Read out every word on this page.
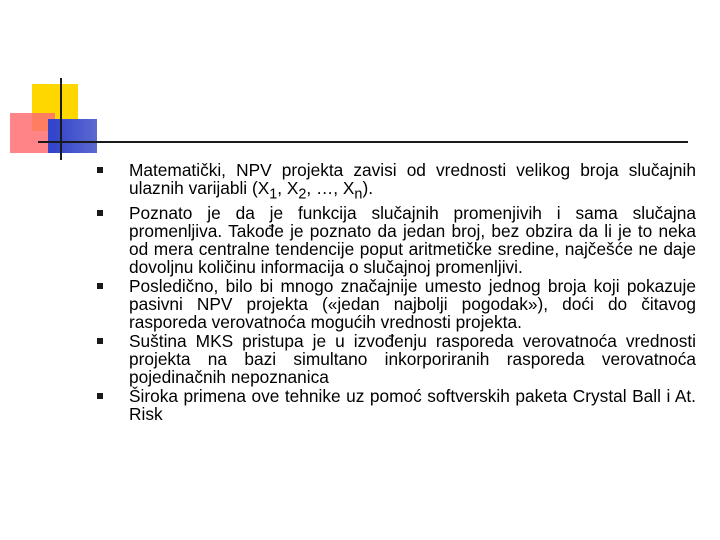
Matematički, NPV projekta zavisi od vrednosti velikog broja slučajnih ulaznih varijabli ($X_1$, $X_2$, …, $X_n$).
Poznato je da je funkcija slučajnih promenjivih i sama slučajna promenljiva. Takođe je poznato da jedan broj, bez obzira da li je to neka od mera centralne tendencije poput aritmetičke sredine, najčešće ne daje dovoljnu količinu informacija o slučajnoj promenljivi.
Posledično, bilo bi mnogo značajnije umesto jednog broja koji pokazuje pasivni NPV projekta («jedan najbolji pogodak»), doći do čitavog rasporeda verovatnoća mogućih vrednosti projekta.
Suština MKS pristupa je u izvođenju rasporeda verovatnoća vrednosti projekta na bazi simultano inkorporiranih rasporeda verovatnoća pojedinačnih nepoznanica
Široka primena ove tehnike uz pomoć softverskih paketa Crystal Ball i At. Risk
